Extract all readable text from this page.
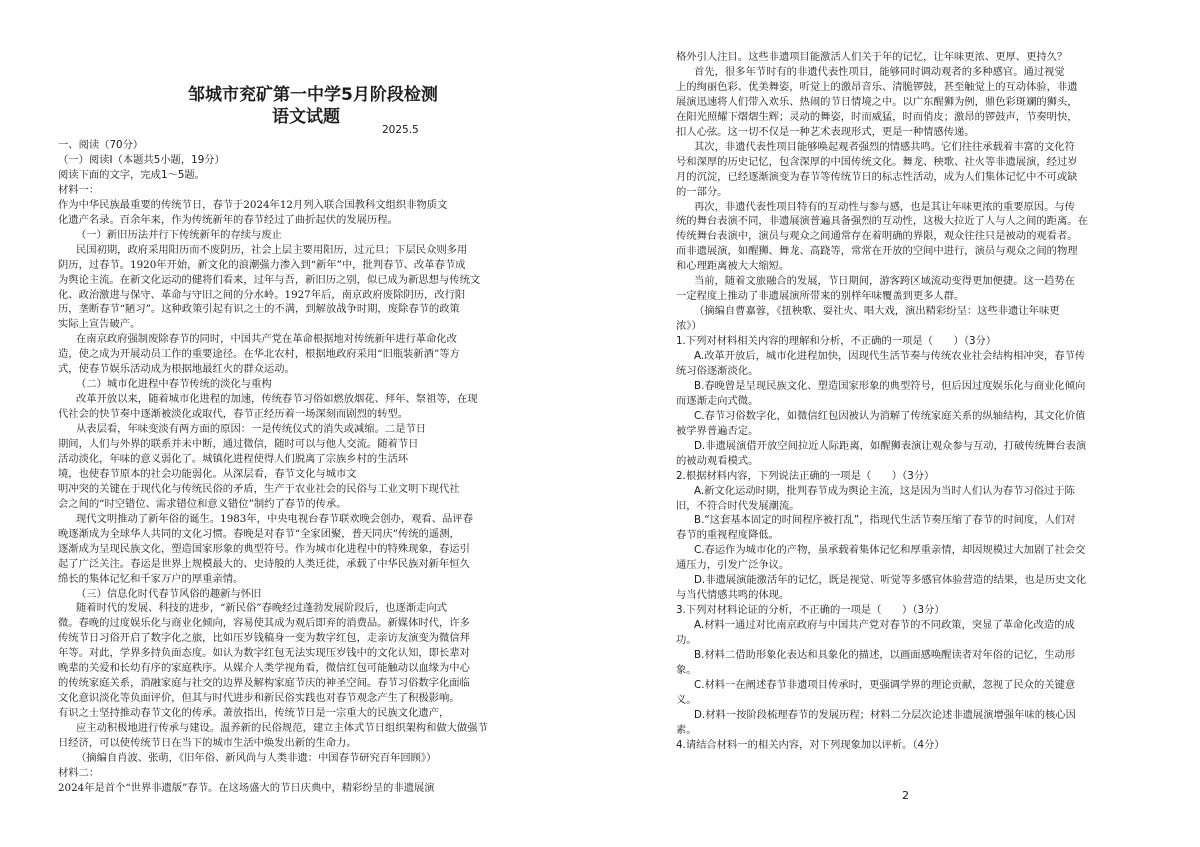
邹城市兖矿第一中学5月阶段检测
语文试题
2025.5
一、阅读（70分）
（一）阅读Ⅰ（本题共5小题，19分）
阅读下面的文字，完成1～5题。
材料一：
作为中华民族最重要的传统节日，春节于2024年12月列入联合国教科文组织非物质文
化遗产名录。百余年来，作为传统新年的春节经过了曲折起伏的发展历程。
（一）新旧历法并行下传统新年的存续与废止
民国初期，政府采用阳历而不废阴历，社会上层主要用阳历，过元旦；下层民众则多用
阴历，过春节。1920年开始，新文化的浪潮强力渗入到“新年”中，批判春节、改革春节成
为舆论主流。在新文化运动的健将们看来，过年与吾，新旧历之别，似已成为新思想与传统文
化、政治激进与保守、革命与守旧之间的分水岭。1927年后，南京政府废除阴历，改行阳
历，垄断春节“陋习”。这种政策引起有识之士的不满，到解放战争时期，废除春节的政策
实际上宣告破产。
在南京政府强制废除春节的同时，中国共产党在革命根据地对传统新年进行革命化改
造，使之成为开展动员工作的重要途径。在华北农村，根据地政府采用“旧瓶装新酒”等方
式，使春节娱乐活动成为根据地最红火的群众运动。
（二）城市化进程中春节传统的淡化与重构
改革开放以来，随着城市化进程的加速，传统春节习俗如燃放烟花、拜年、祭祖等，在现
代社会的快节奏中逐渐被淡化或取代，春节正经历着一场深刻而剧烈的转型。
从表层看，年味变淡有两方面的原因：一是传统仪式的消失或减缩。二是节日
期间，人们与外界的联系并未中断，通过微信，随时可以与他人交流。随着节日
活动淡化，年味的意义弱化了。城镇化进程使得人们脱离了宗族乡村的生活环
境，也使春节原本的社会功能弱化。从深层看，春节文化与城市文
明冲突的关键在于现代化与传统民俗的矛盾，生产于农业社会的民俗与工业文明下现代社
会之间的“时空错位、需求错位和意义错位”制约了春节的传承。
现代文明推动了新年俗的诞生。1983年，中央电视台春节联欢晚会创办，观看、品评春
晚逐渐成为全球华人共同的文化习惯。春晚是对春节“全家团聚，普天同庆”传统的遥测，
逐渐成为呈现民族文化，塑造国家形象的典型符号。作为城市化进程中的特殊现象，春运引
起了广泛关注。春运是世界上规模最大的、史诗般的人类迁徙，承载了中华民族对新年恒久
绵长的集体记忆和千家万户的厚重亲情。
（三）信息化时代春节风俗的趣新与怀旧
随着时代的发展、科技的进步，“新民俗”春晚经过蓬勃发展阶段后，也逐渐走向式
微。春晚的过度娱乐化与商业化倾向，容易使其成为观后即弃的消费品。新媒体时代，许多
传统节日习俗开启了数字化之旅，比如压岁钱稿身一变为数字红包，走亲访友演变为微信拜
年等。对此，学界多持负面态度。如认为数字红包无法实现压岁钱中的文化认知，即长辈对
晚辈的关爱和长幼有序的家庭秩序。从媒介人类学视角看，微信红包可能触动以血缘为中心
的传统家庭关系，消融家庭与社交的边界及解构家庭节庆的神圣空间。春节习俗数字化面临
文化意识淡化等负面评价，但其与时代进步和新民俗实践也对春节观念产生了积极影响。
有识之士坚持推动春节文化的传承。萧放指出，传统节日是一宗重大的民族文化遗产，
应主动积极地进行传承与建设。温养新的民俗规范，建立主体式节日组织架构和做大做强节
日经济，可以使传统节日在当下的城市生活中焕发出新的生命力。
（摘编自肖波、张萌，《旧年俗、新风尚与人类非遗：中国春节研究百年回顾》）
材料二：
2024年是首个“世界非遗版”春节。在这场盛大的节日庆典中，精彩纷呈的非遗展演
格外引人注目。这些非遗项目能激活人们关于年的记忆，让年味更浓、更厚、更持久？
首先，很多年节时有的非遗代表性项目，能够同时调动观者的多种感官。通过视觉
上的绚丽色彩、优美舞姿，听觉上的激昂音乐、清脆锣鼓，甚至触觉上的互动体验，非遗
展演迅速将人们带入欢乐、热闹的节日情境之中。以广东醒狮为例，鼎色彩斑斓的狮头，
在阳光照耀下熠熠生辉；灵动的舞姿，时而威猛，时而俏皮；激昂的锣鼓声，节奏明快，
扣人心弦。这一切不仅是一种艺术表现形式，更是一种情感传递。
其次，非遗代表性项目能够唤起观者强烈的情感共鸣。它们往往承载着丰富的文化符
号和深厚的历史记忆，包含深厚的中国传统文化。舞龙、秧歌、社火等非遗展演，经过岁
月的沉淀，已经逐渐演变为春节等传统节日的标志性活动，成为人们集体记忆中不可或缺
的一部分。
再次，非遗代表性项目特有的互动性与参与感，也是其让年味更浓的重要原因。与传
统的舞台表演不同，非遗展演普遍具备强烈的互动性，这极大拉近了人与人之间的距离。在
传统舞台表演中，演员与观众之间通常存在着明确的界限，观众往往只是被动的观看者。
而非遗展演，如醒狮、舞龙、高跷等，常常在开放的空间中进行，演员与观众之间的物理
和心理距离被大大缩短。
当前，随着文旅融合的发展，节日期间，游客跨区域流动变得更加便捷。这一趋势在
一定程度上推动了非遗展演所带来的别样年味覆盖到更多人群。
（摘编自曹嘉蓉，《扭秧歌、耍社火、唱大戏，演出精彩纷呈：这些非遗让年味更
浓》）
1.下列对材料相关内容的理解和分析，不正确的一项是（　　）（3分）
A.改革开放后，城市化进程加快，因现代生活节奏与传统农业社会结构相冲突，春节传
统习俗逐渐淡化。
B.春晚曾是呈现民族文化、塑造国家形象的典型符号，但后因过度娱乐化与商业化倾向
而逐渐走向式微。
C.春节习俗数字化，如微信红包因被认为消解了传统家庭关系的纵轴结构，其文化价值
被学界普遍否定。
D.非遗展演借开放空间拉近人际距离，如醒狮表演让观众参与互动，打破传统舞台表演
的被动观看模式。
2.根据材料内容，下列说法正确的一项是（　　）（3分）
A.新文化运动时期，批判春节成为舆论主流，这是因为当时人们认为春节习俗过于陈
旧，不符合时代发展潮流。
B.“这套基本固定的时间程序被打乱”，指现代生活节奏压缩了春节的时间度，人们对
春节的重视程度降低。
C.春运作为城市化的产物，虽承载着集体记忆和厚重亲情，却因规模过大加剧了社会交
通压力，引发广泛争议。
D.非遗展演能激活年的记忆，既是视觉、听觉等多感官体验营造的结果，也是历史文化
与当代情感共鸣的体现。
3.下列对材料论证的分析，不正确的一项是（　　）（3分）
A.材料一通过对比南京政府与中国共产党对春节的不同政策，突显了革命化改造的成
功。
B.材料二借助形象化表达和具象化的描述，以画面感唤醒读者对年俗的记忆，生动形
象。
C.材料一在阐述春节非遗项目传承时，更强调学界的理论贡献，忽视了民众的关键意
义。
D.材料一按阶段梳理春节的发展历程；材料二分层次论述非遗展演增强年味的核心因
素。
4.请结合材料一的相关内容，对下列现象加以评析。（4分）
2
